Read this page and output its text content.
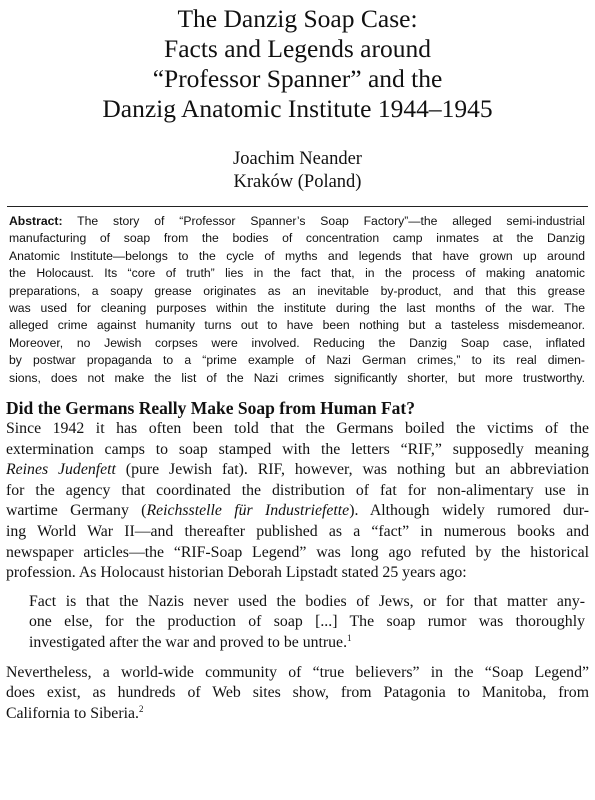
The Danzig Soap Case:
Facts and Legends around
“Professor Spanner” and the
Danzig Anatomic Institute 1944–1945
Joachim Neander
Kraków (Poland)
Abstract: The story of “Professor Spanner’s Soap Factory”—the alleged semi-industrial
manufacturing of soap from the bodies of concentration camp inmates at the Danzig
Anatomic Institute—belongs to the cycle of myths and legends that have grown up around
the Holocaust. Its “core of truth” lies in the fact that, in the process of making anatomic
preparations, a soapy grease originates as an inevitable by-product, and that this grease
was used for cleaning purposes within the institute during the last months of the war. The
alleged crime against humanity turns out to have been nothing but a tasteless misdemeanor.
Moreover, no Jewish corpses were involved. Reducing the Danzig Soap case, inflated
by postwar propaganda to a “prime example of Nazi German crimes,” to its real dimen-
sions, does not make the list of the Nazi crimes significantly shorter, but more trustworthy.
Did the Germans Really Make Soap from Human Fat?
Since 1942 it has often been told that the Germans boiled the victims of the
extermination camps to soap stamped with the letters “RIF,” supposedly meaning
Reines Judenfett (pure Jewish fat). RIF, however, was nothing but an abbreviation
for the agency that coordinated the distribution of fat for non-alimentary use in
wartime Germany (Reichsstelle für Industriefette). Although widely rumored dur-
ing World War II—and thereafter published as a “fact” in numerous books and
newspaper articles—the “RIF-Soap Legend” was long ago refuted by the historical
profession. As Holocaust historian Deborah Lipstadt stated 25 years ago:
Fact is that the Nazis never used the bodies of Jews, or for that matter any-
one else, for the production of soap [...] The soap rumor was thoroughly
investigated after the war and proved to be untrue.$^1$
Nevertheless, a world-wide community of “true believers” in the “Soap Legend”
does exist, as hundreds of Web sites show, from Patagonia to Manitoba, from
California to Siberia.$^2$
